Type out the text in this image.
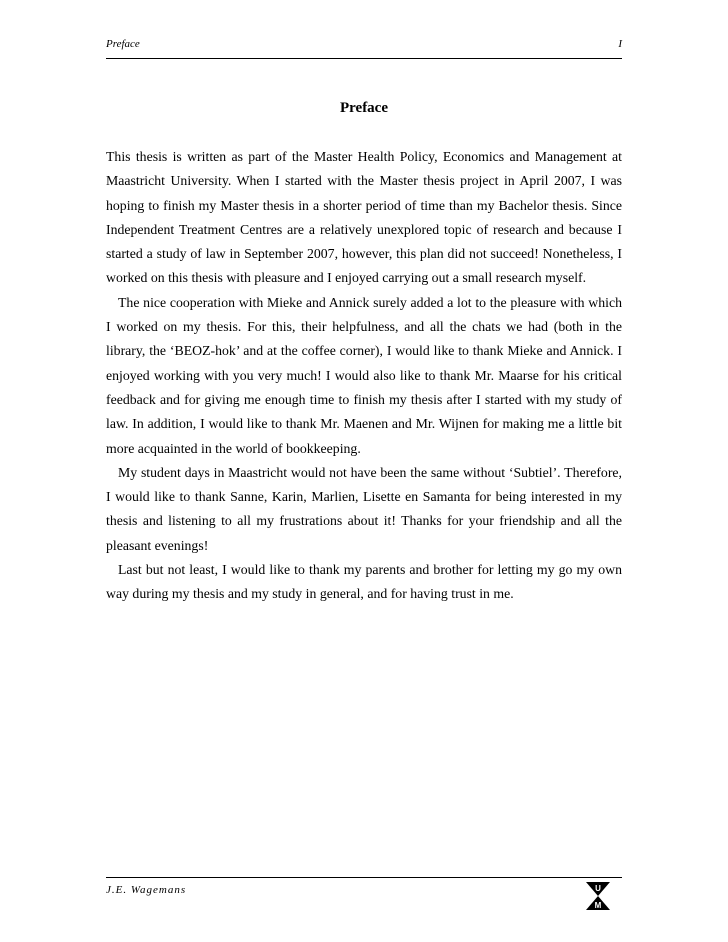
Preface	I
Preface

This thesis is written as part of the Master Health Policy, Economics and Management at Maastricht University. When I started with the Master thesis project in April 2007, I was hoping to finish my Master thesis in a shorter period of time than my Bachelor thesis. Since Independent Treatment Centres are a relatively unexplored topic of research and because I started a study of law in September 2007, however, this plan did not succeed! Nonetheless, I worked on this thesis with pleasure and I enjoyed carrying out a small research myself.

The nice cooperation with Mieke and Annick surely added a lot to the pleasure with which I worked on my thesis. For this, their helpfulness, and all the chats we had (both in the library, the ‘BEOZ-hok’ and at the coffee corner), I would like to thank Mieke and Annick. I enjoyed working with you very much! I would also like to thank Mr. Maarse for his critical feedback and for giving me enough time to finish my thesis after I started with my study of law. In addition, I would like to thank Mr. Maenen and Mr. Wijnen for making me a little bit more acquainted in the world of bookkeeping.

My student days in Maastricht would not have been the same without ‘Subtiel’. Therefore, I would like to thank Sanne, Karin, Marlien, Lisette en Samanta for being interested in my thesis and listening to all my frustrations about it! Thanks for your friendship and all the pleasant evenings!

Last but not least, I would like to thank my parents and brother for letting my go my own way during my thesis and my study in general, and for having trust in me.

J.E. Wagemans	U
M
